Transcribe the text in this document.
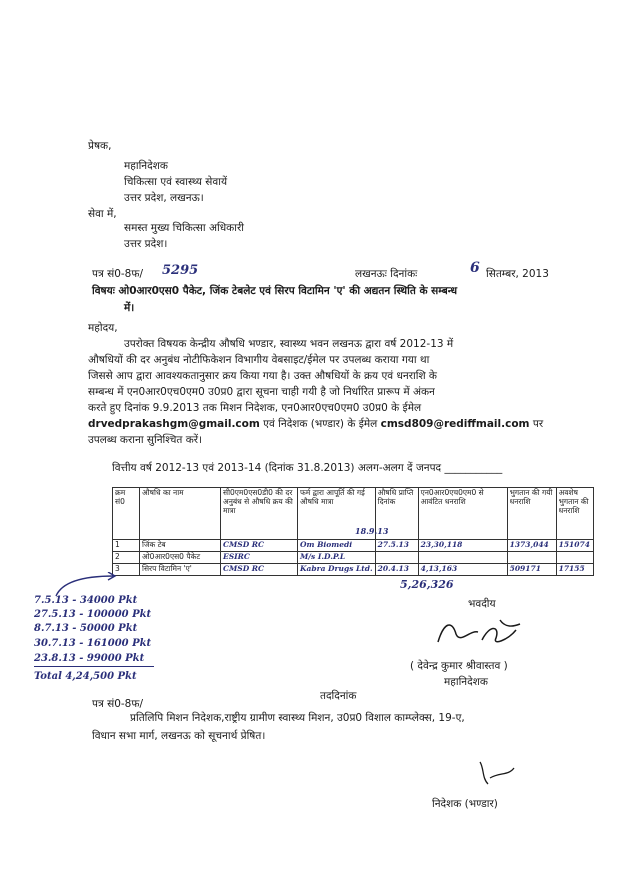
प्रेषक,
महानिदेशक
चिकित्सा एवं स्वास्थ्य सेवायें
उत्तर प्रदेश, लखनऊ।
सेवा में,
समस्त मुख्य चिकित्सा अधिकारी
उत्तर प्रदेश।
पत्र सं0-8फ/ 5295	लखनऊः दिनांकः	6 सितम्बर, 2013
विषयः ओ0आर0एस0 पैकेट, जिंक टेबलेट एवं सिरप विटामिन 'ए' की अद्यतन स्थिति के सम्बन्ध
में।
महोदय,
उपरोक्त विषयक केन्द्रीय औषधि भण्डार, स्वास्थ्य भवन लखनऊ द्वारा वर्ष 2012-13 में
औषधियों की दर अनुबंध नोटीफिकेशन विभागीय वेबसाइट/ईमेल पर उपलब्ध कराया गया था
जिससे आप द्वारा आवश्यकतानुसार क्रय किया गया है। उक्त औषधियों के क्रय एवं धनराशि के
सम्बन्ध में एन0आर0एच0एम0 उ0प्र0 द्वारा सूचना चाही गयी है जो निर्धारित प्रारूप में अंकन
करते हुए दिनांक 9.9.2013 तक मिशन निदेशक, एन0आर0एच0एम0 उ0प्र0 के ईमेल
drvedprakashgm@gmail.com एवं निदेशक (भण्डार) के ईमेल cmsd809@rediffmail.com पर
उपलब्ध कराना सुनिश्चित करें।
वित्तीय वर्ष 2012-13 एवं 2013-14 (दिनांक 31.8.2013) अलग-अलग दें जनपद ___________
क्रम सं0	औषधि का नाम	सी0एम0एस0डी0 की दर अनुबंध से औषधि क्रय की मात्रा	फर्म द्वारा आपूर्ति की गई औषधि मात्रा	औषधि प्राप्ति दिनांक	एन0आर0एच0एम0 से आवंटित धनराशि	भुगतान की गयी धनराशि	अवशेष भुगतान की धनराशि
1	जिंक टेब	CMSD RC	Om Biomedi	27.5.13	23,30,118	1373,044	151074
2	ओ0आर0एस0 पैकेट	ESIRC	M/s I.D.P.L				
3	सिरप विटामिन 'ए'	CMSD RC	Kabra Drugs Ltd.	20.4.13	4,13,163	509171	17155
18.9.13
5,26,326
7.5.13 - 34000 Pkt
27.5.13 - 100000 Pkt
8.7.13 - 50000 Pkt
30.7.13 - 161000 Pkt
23.8.13 - 99000 Pkt
Total 4,24,500 Pkt
भवदीय
( देवेन्द्र कुमार श्रीवास्तव )
महानिदेशक
पत्र सं0-8फ/
तददिनांक
प्रतिलिपि मिशन निदेशक,राष्ट्रीय ग्रामीण स्वास्थ्य मिशन, उ0प्र0 विशाल काम्प्लेक्स, 19-ए,
विधान सभा मार्ग, लखनऊ को सूचनार्थ प्रेषित।
निदेशक (भण्डार)
